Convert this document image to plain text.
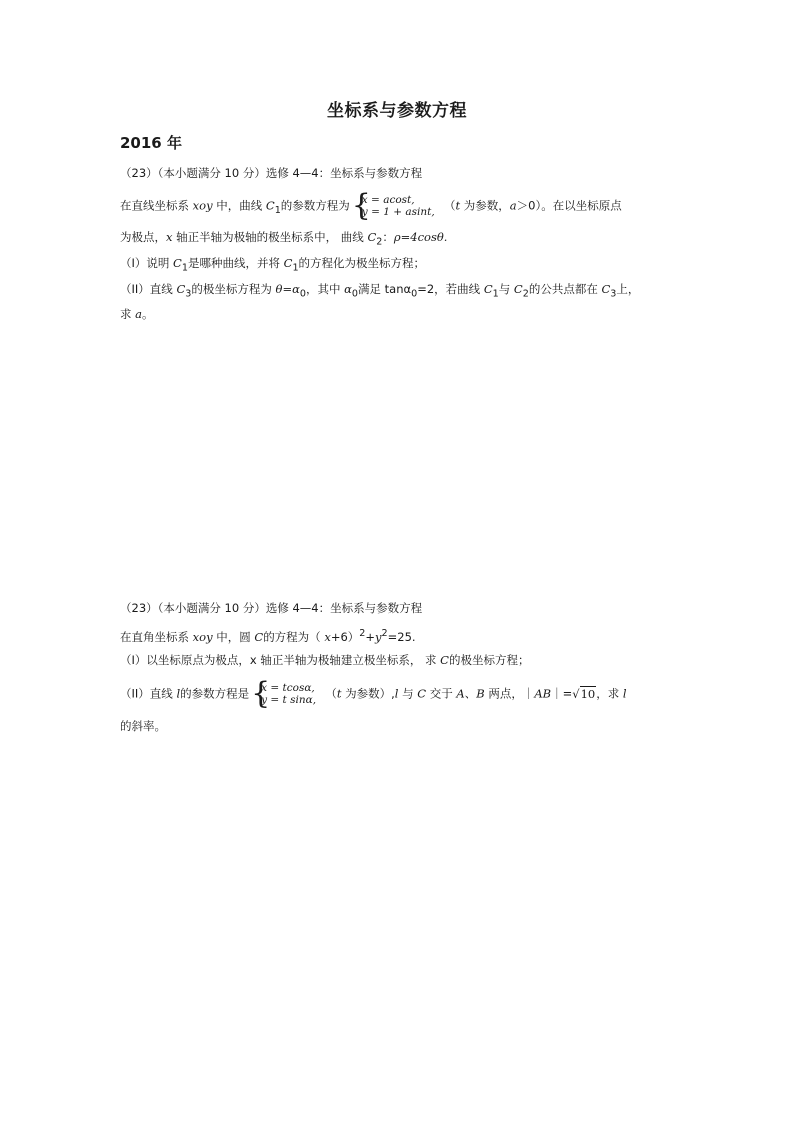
坐标系与参数方程
2016 年
（23）（本小题满分 10 分）选修 4—4：坐标系与参数方程
在直线坐标系 xoy 中，曲线 $C_1$的参数方程为 {
x = acost,
y = 1 + asint, （t 为参数，a＞0）。在以坐标原点
为极点，x 轴正半轴为极轴的极坐标系中， 曲线 $C_2$：ρ=4cosθ.
（I）说明 $C_1$是哪种曲线，并将 $C_1$的方程化为极坐标方程；
（II）直线 $C_3$的极坐标方程为 $\theta=\alpha_0$，其中 $\alpha_0$满足 tanα$_0$=2，若曲线 $C_1$与 $C_2$的公共点都在 $C_3$上，
求 a。
（23）（本小题满分 10 分）选修 4—4：坐标系与参数方程
在直角坐标系 xoy 中，圆 C的方程为（ $x+6)^2+y^2=25$.
（I）以坐标原点为极点，x 轴正半轴为极轴建立极坐标系， 求 C的极坐标方程；
（II）直线 l的参数方程是 {
x = tcosα,
y = t sinα, （t 为参数）,l 与 C 交于 A、B 两点，｜AB｜=√10，求 l
的斜率。
